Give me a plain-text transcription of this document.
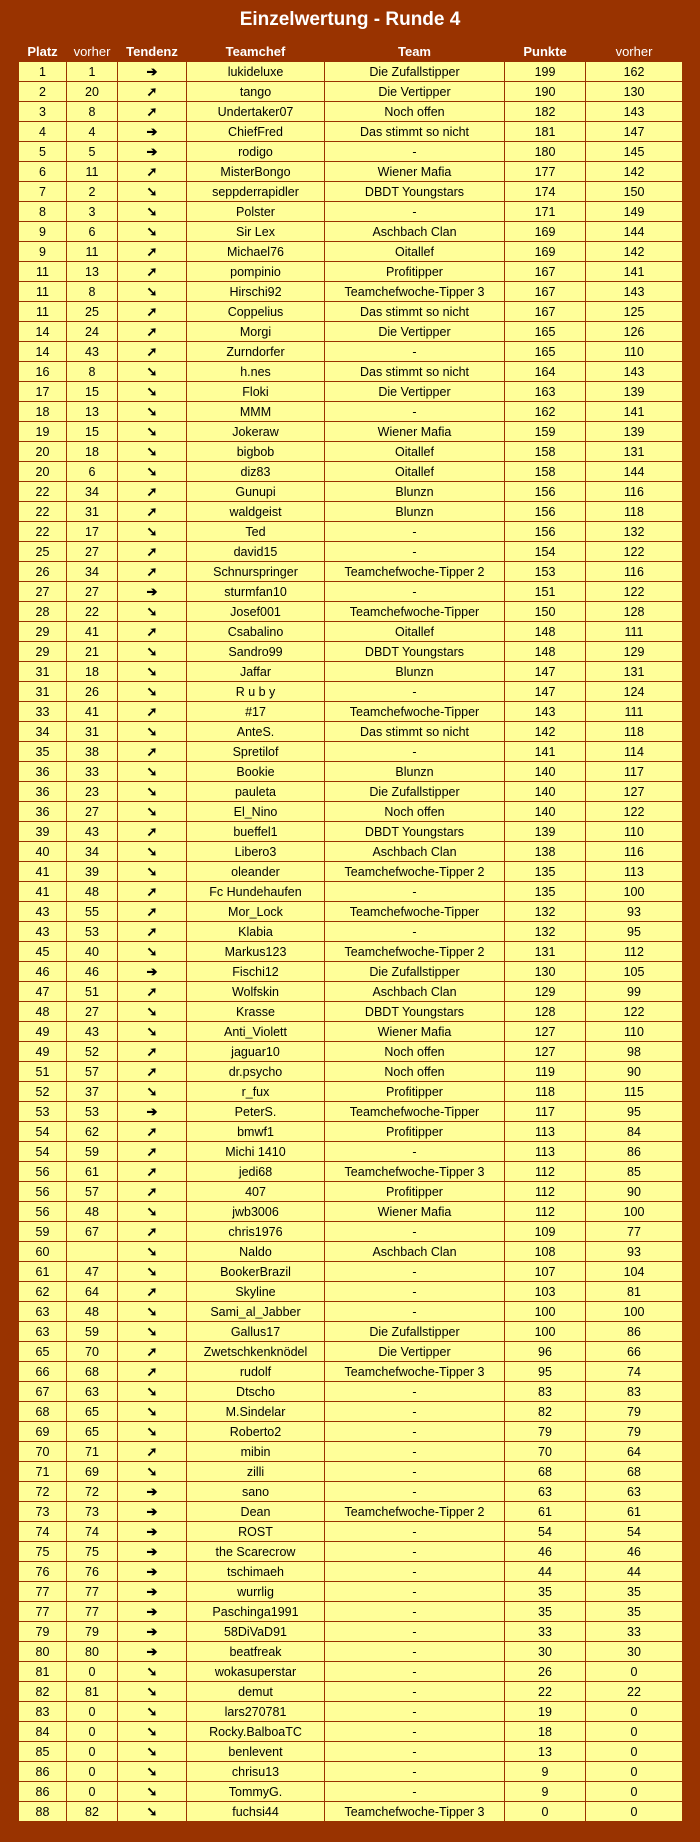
Einzelwertung - Runde 4
Platz	vorher	Tendenz	Teamchef	Team	Punkte	vorher
1	1	➔	lukideluxe	Die Zufallstipper	199	162
2	20	➚	tango	Die Vertipper	190	130
3	8	➚	Undertaker07	Noch offen	182	143
4	4	➔	ChiefFred	Das stimmt so nicht	181	147
5	5	➔	rodigo	-	180	145
6	11	➚	MisterBongo	Wiener Mafia	177	142
7	2	➘	seppderrapidler	DBDT Youngstars	174	150
8	3	➘	Polster	-	171	149
9	6	➘	Sir Lex	Aschbach Clan	169	144
9	11	➚	Michael76	Oitallef	169	142
11	13	➚	pompinio	Profitipper	167	141
11	8	➘	Hirschi92	Teamchefwoche-Tipper 3	167	143
11	25	➚	Coppelius	Das stimmt so nicht	167	125
14	24	➚	Morgi	Die Vertipper	165	126
14	43	➚	Zurndorfer	-	165	110
16	8	➘	h.nes	Das stimmt so nicht	164	143
17	15	➘	Floki	Die Vertipper	163	139
18	13	➘	MMM	-	162	141
19	15	➘	Jokeraw	Wiener Mafia	159	139
20	18	➘	bigbob	Oitallef	158	131
20	6	➘	diz83	Oitallef	158	144
22	34	➚	Gunupi	Blunzn	156	116
22	31	➚	waldgeist	Blunzn	156	118
22	17	➘	Ted	-	156	132
25	27	➚	david15	-	154	122
26	34	➚	Schnurspringer	Teamchefwoche-Tipper 2	153	116
27	27	➔	sturmfan10	-	151	122
28	22	➘	Josef001	Teamchefwoche-Tipper	150	128
29	41	➚	Csabalino	Oitallef	148	111
29	21	➘	Sandro99	DBDT Youngstars	148	129
31	18	➘	Jaffar	Blunzn	147	131
31	26	➘	R u b y	-	147	124
33	41	➚	#17	Teamchefwoche-Tipper	143	111
34	31	➘	AnteS.	Das stimmt so nicht	142	118
35	38	➚	Spretilof	-	141	114
36	33	➘	Bookie	Blunzn	140	117
36	23	➘	pauleta	Die Zufallstipper	140	127
36	27	➘	El_Nino	Noch offen	140	122
39	43	➚	bueffel1	DBDT Youngstars	139	110
40	34	➘	Libero3	Aschbach Clan	138	116
41	39	➘	oleander	Teamchefwoche-Tipper 2	135	113
41	48	➚	Fc Hundehaufen	-	135	100
43	55	➚	Mor_Lock	Teamchefwoche-Tipper	132	93
43	53	➚	Klabia	-	132	95
45	40	➘	Markus123	Teamchefwoche-Tipper 2	131	112
46	46	➔	Fischi12	Die Zufallstipper	130	105
47	51	➚	Wolfskin	Aschbach Clan	129	99
48	27	➘	Krasse	DBDT Youngstars	128	122
49	43	➘	Anti_Violett	Wiener Mafia	127	110
49	52	➚	jaguar10	Noch offen	127	98
51	57	➚	dr.psycho	Noch offen	119	90
52	37	➘	r_fux	Profitipper	118	115
53	53	➔	PeterS.	Teamchefwoche-Tipper	117	95
54	62	➚	bmwf1	Profitipper	113	84
54	59	➚	Michi 1410	-	113	86
56	61	➚	jedi68	Teamchefwoche-Tipper 3	112	85
56	57	➚	407	Profitipper	112	90
56	48	➘	jwb3006	Wiener Mafia	112	100
59	67	➚	chris1976	-	109	77
60		➘	Naldo	Aschbach Clan	108	93
61	47	➘	BookerBrazil	-	107	104
62	64	➚	Skyline	-	103	81
63	48	➘	Sami_al_Jabber	-	100	100
63	59	➘	Gallus17	Die Zufallstipper	100	86
65	70	➚	Zwetschkenknödel	Die Vertipper	96	66
66	68	➚	rudolf	Teamchefwoche-Tipper 3	95	74
67	63	➘	Dtscho	-	83	83
68	65	➘	M.Sindelar	-	82	79
69	65	➘	Roberto2	-	79	79
70	71	➚	mibin	-	70	64
71	69	➘	zilli	-	68	68
72	72	➔	sano	-	63	63
73	73	➔	Dean	Teamchefwoche-Tipper 2	61	61
74	74	➔	ROST	-	54	54
75	75	➔	the Scarecrow	-	46	46
76	76	➔	tschimaeh	-	44	44
77	77	➔	wurrlig	-	35	35
77	77	➔	Paschinga1991	-	35	35
79	79	➔	58DiVaD91	-	33	33
80	80	➔	beatfreak	-	30	30
81	0	➘	wokasuperstar	-	26	0
82	81	➘	demut	-	22	22
83	0	➘	lars270781	-	19	0
84	0	➘	Rocky.BalboaTC	-	18	0
85	0	➘	benlevent	-	13	0
86	0	➘	chrisu13	-	9	0
86	0	➘	TommyG.	-	9	0
88	82	➘	fuchsi44	Teamchefwoche-Tipper 3	0	0
